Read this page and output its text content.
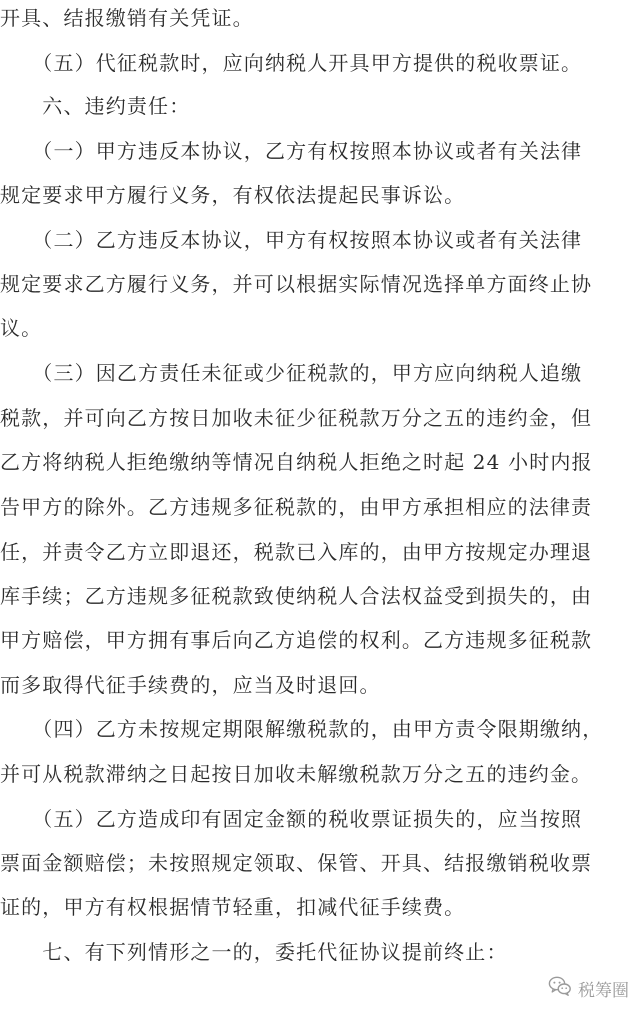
开具、结报缴销有关凭证。
　　（五）代征税款时，应向纳税人开具甲方提供的税收票证。
　　六、违约责任：
　　（一）甲方违反本协议，乙方有权按照本协议或者有关法律
规定要求甲方履行义务，有权依法提起民事诉讼。
　　（二）乙方违反本协议，甲方有权按照本协议或者有关法律
规定要求乙方履行义务，并可以根据实际情况选择单方面终止协
议。
　　（三）因乙方责任未征或少征税款的，甲方应向纳税人追缴
税款，并可向乙方按日加收未征少征税款万分之五的违约金，但
乙方将纳税人拒绝缴纳等情况自纳税人拒绝之时起 24 小时内报
告甲方的除外。乙方违规多征税款的，由甲方承担相应的法律责
任，并责令乙方立即退还，税款已入库的，由甲方按规定办理退
库手续；乙方违规多征税款致使纳税人合法权益受到损失的，由
甲方赔偿，甲方拥有事后向乙方追偿的权利。乙方违规多征税款
而多取得代征手续费的，应当及时退回。
　　（四）乙方未按规定期限解缴税款的，由甲方责令限期缴纳，
并可从税款滞纳之日起按日加收未解缴税款万分之五的违约金。
　　（五）乙方造成印有固定金额的税收票证损失的，应当按照
票面金额赔偿；未按照规定领取、保管、开具、结报缴销税收票
证的，甲方有权根据情节轻重，扣减代征手续费。
　　七、有下列情形之一的，委托代征协议提前终止：
税筹圈
